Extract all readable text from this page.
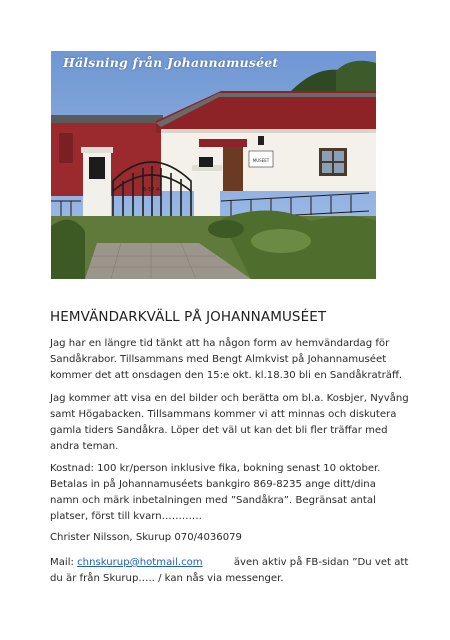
MUSEET
8-57 4-
Hälsning från Johannamuséet
HEMVÄNDARKVÄLL PÅ JOHANNAMUSÉET
Jag har en längre tid tänkt att ha någon form av hemvändardag för
Sandåkrabor. Tillsammans med Bengt Almkvist på Johannamuséet
kommer det att onsdagen den 15:e okt. kl.18.30 bli en Sandåkraträff.
Jag kommer att visa en del bilder och berätta om bl.a. Kosbjer, Nyvång
samt Högabacken. Tillsammans kommer vi att minnas och diskutera
gamla tiders Sandåkra. Löper det väl ut kan det bli fler träffar med
andra teman.
Kostnad: 100 kr/person inklusive fika, bokning senast 10 oktober.
Betalas in på Johannamuséets bankgiro 869-8235 ange ditt/dina
namn och märk inbetalningen med ”Sandåkra”. Begränsat antal
platser, först till kvarn…………
Christer Nilsson, Skurup 070/4036079
Mail: chnskurup@hotmail.com	även aktiv på FB-sidan ”Du vet att
du är från Skurup….. / kan nås via messenger.
